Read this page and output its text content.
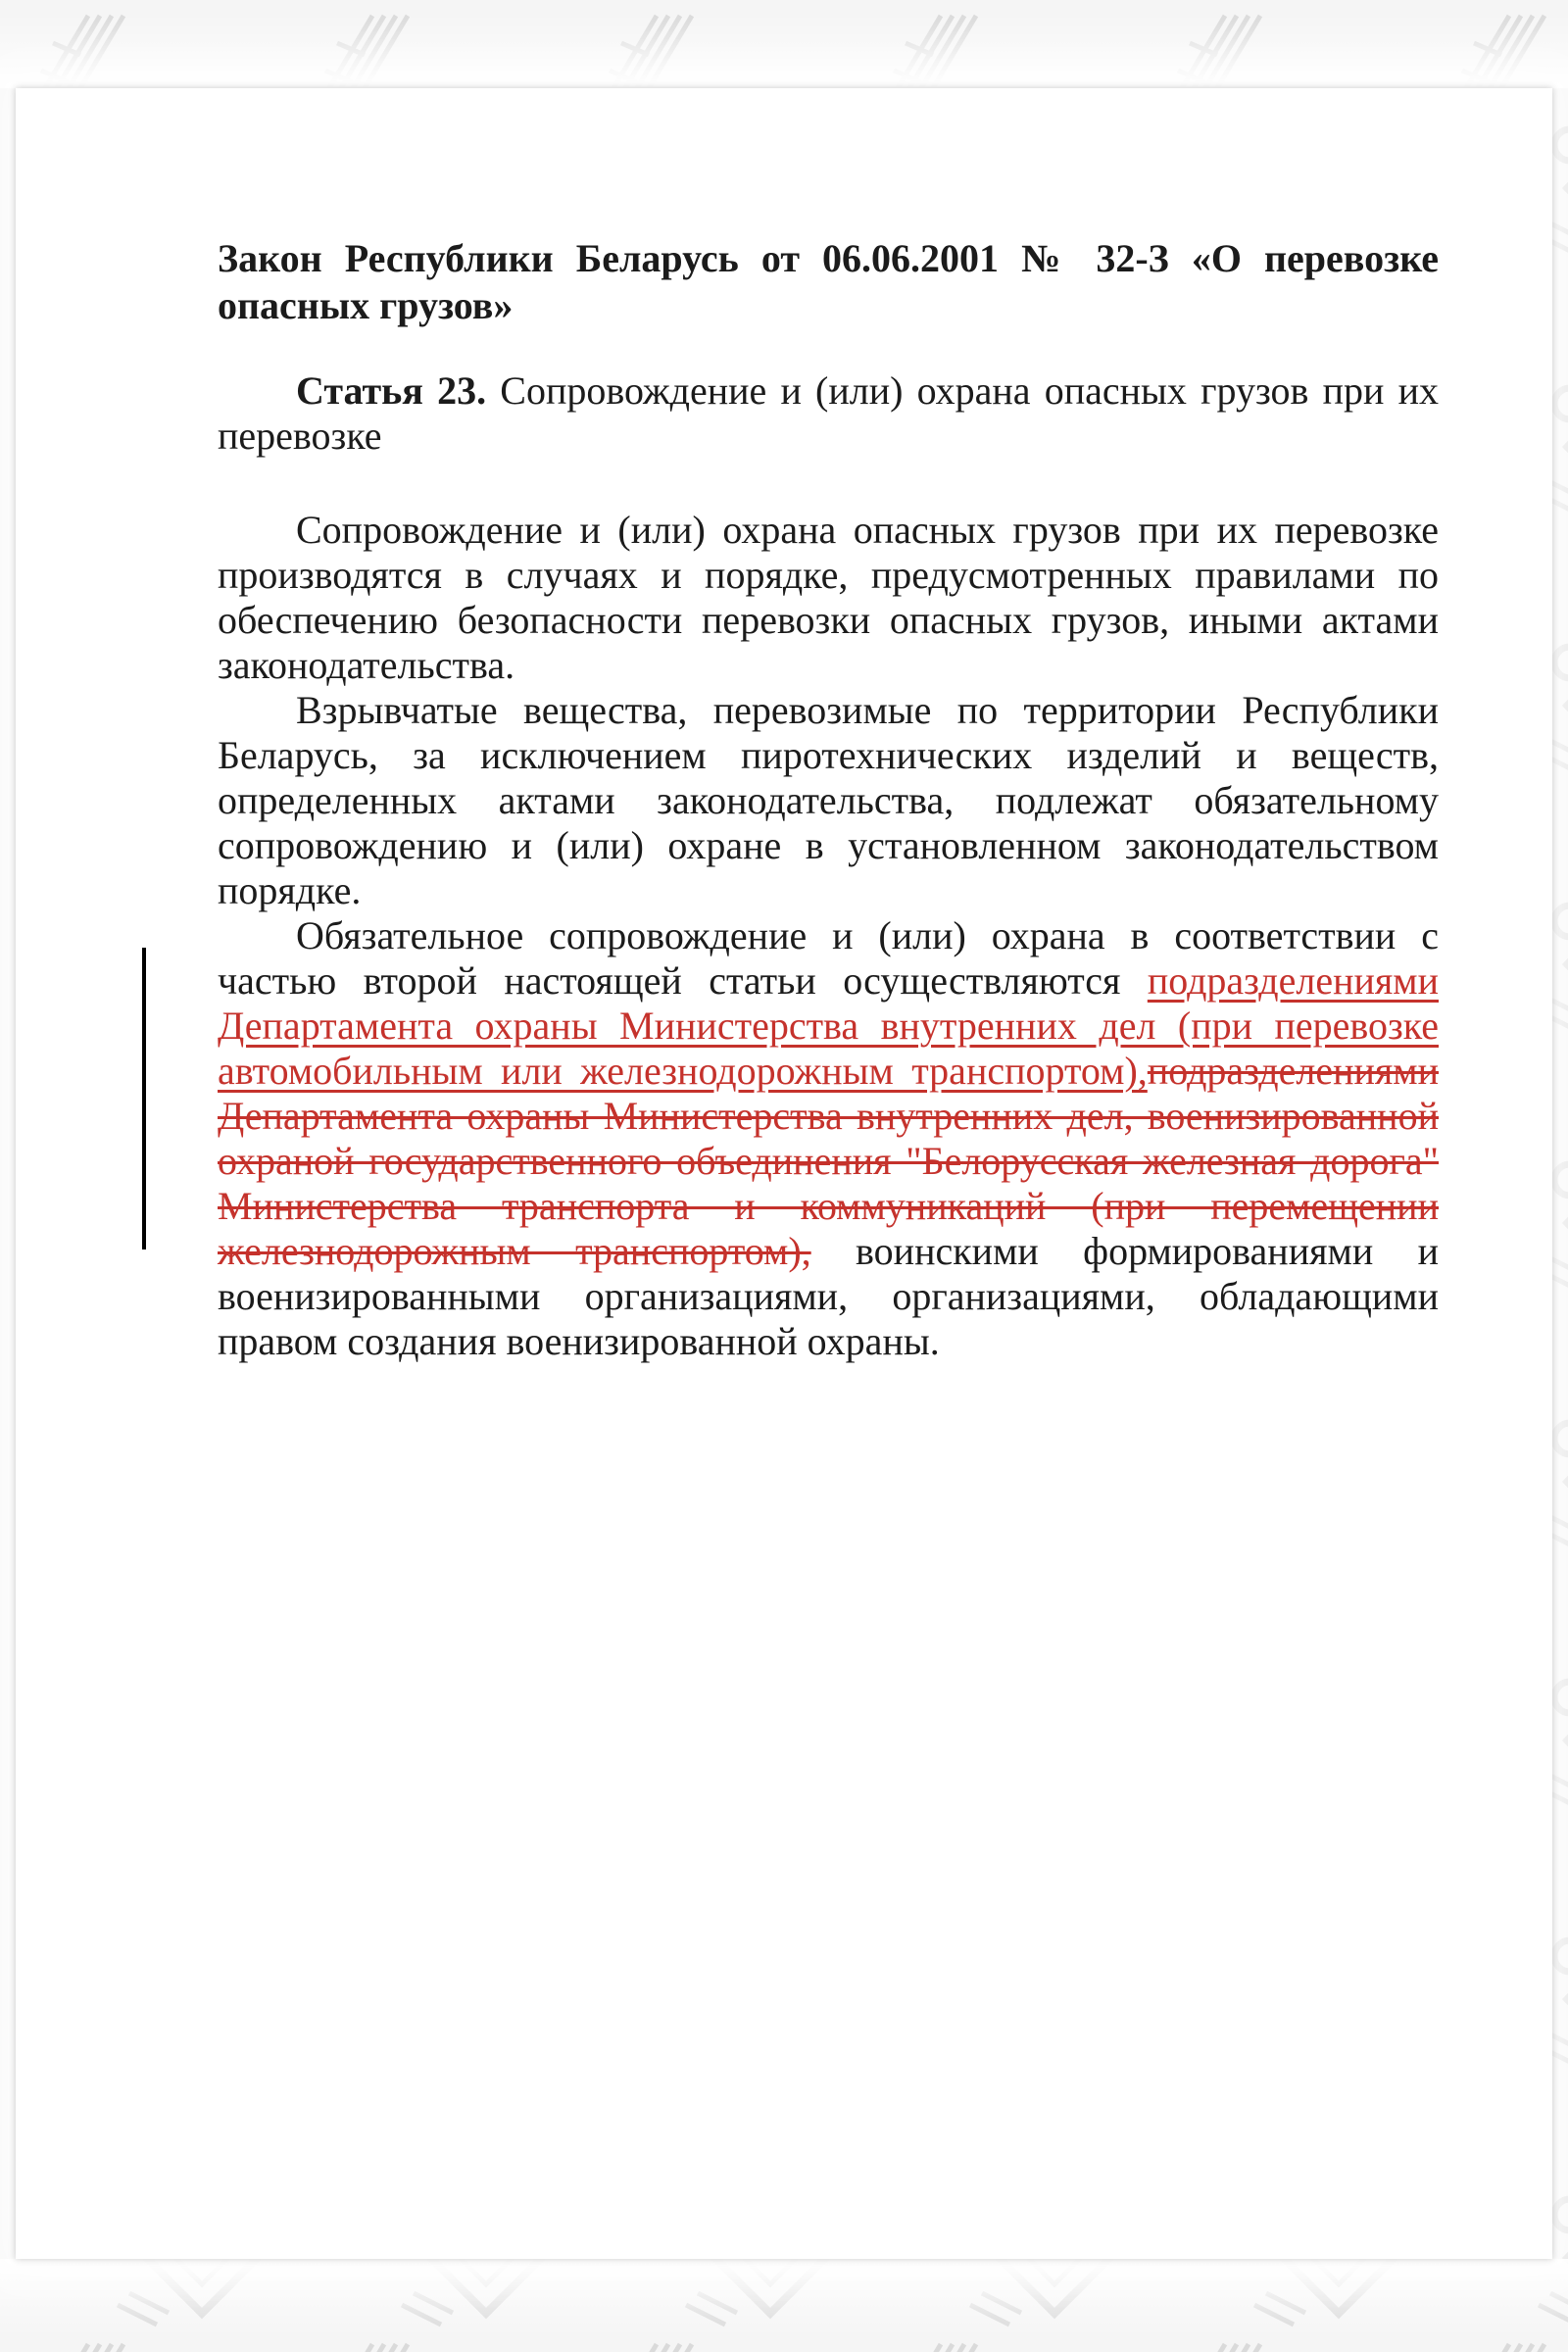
Закон Республики Беларусь от 06.06.2001 № 32-З «О перевозке опасных грузов»

Статья 23. Сопровождение и (или) охрана опасных грузов при их перевозке

Сопровождение и (или) охрана опасных грузов при их перевозке производятся в случаях и порядке, предусмотренных правилами по обеспечению безопасности перевозки опасных грузов, иными актами законодательства.

Взрывчатые вещества, перевозимые по территории Республики Беларусь, за исключением пиротехнических изделий и веществ, определенных актами законодательства, подлежат обязательному сопровождению и (или) охране в установленном законодательством порядке.

Обязательное сопровождение и (или) охрана в соответствии с частью второй настоящей статьи осуществляются подразделениями Департамента охраны Министерства внутренних дел (при перевозке автомобильным или железнодорожным транспортом),подразделениями Департамента охраны Министерства внутренних дел, военизированной охраной государственного объединения "Белорусская железная дорога" Министерства транспорта и коммуникаций (при перемещении железнодорожным транспортом), воинскими формированиями и военизированными организациями, организациями, обладающими правом создания военизированной охраны.
